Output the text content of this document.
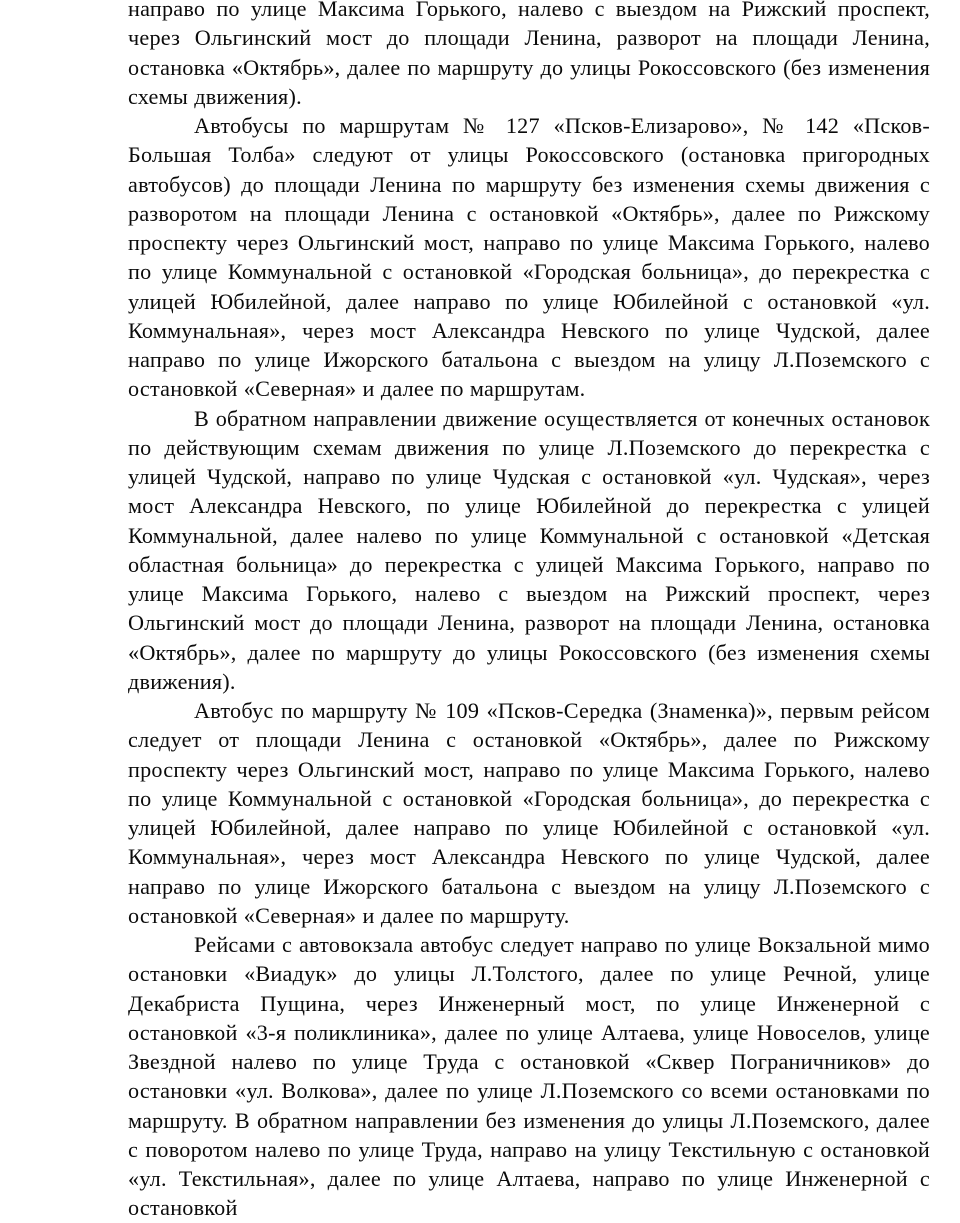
направо по улице Максима Горького, налево с выездом на Рижский проспект, через Ольгинский мост до площади Ленина, разворот на площади Ленина, остановка «Октябрь», далее по маршруту до улицы Рокоссовского (без изменения схемы движения).

Автобусы по маршрутам № 127 «Псков-Елизарово», № 142 «Псков-Большая Толба» следуют от улицы Рокоссовского (остановка пригородных автобусов) до площади Ленина по маршруту без изменения схемы движения с разворотом на площади Ленина с остановкой «Октябрь», далее по Рижскому проспекту через Ольгинский мост, направо по улице Максима Горького, налево по улице Коммунальной с остановкой «Городская больница», до перекрестка с улицей Юбилейной, далее направо по улице Юбилейной с остановкой «ул. Коммунальная», через мост Александра Невского по улице Чудской, далее направо по улице Ижорского батальона с выездом на улицу Л.Поземского с остановкой «Северная» и далее по маршрутам.

В обратном направлении движение осуществляется от конечных остановок по действующим схемам движения по улице Л.Поземского до перекрестка с улицей Чудской, направо по улице Чудская с остановкой «ул. Чудская», через мост Александра Невского, по улице Юбилейной до перекрестка с улицей Коммунальной, далее налево по улице Коммунальной с остановкой «Детская областная больница» до перекрестка с улицей Максима Горького, направо по улице Максима Горького, налево с выездом на Рижский проспект, через Ольгинский мост до площади Ленина, разворот на площади Ленина, остановка «Октябрь», далее по маршруту до улицы Рокоссовского (без изменения схемы движения).

Автобус по маршруту № 109 «Псков-Середка (Знаменка)», первым рейсом следует от площади Ленина с остановкой «Октябрь», далее по Рижскому проспекту через Ольгинский мост, направо по улице Максима Горького, налево по улице Коммунальной с остановкой «Городская больница», до перекрестка с улицей Юбилейной, далее направо по улице Юбилейной с остановкой «ул. Коммунальная», через мост Александра Невского по улице Чудской, далее направо по улице Ижорского батальона с выездом на улицу Л.Поземского с остановкой «Северная» и далее по маршруту.

Рейсами с автовокзала автобус следует направо по улице Вокзальной мимо остановки «Виадук» до улицы Л.Толстого, далее по улице Речной, улице Декабриста Пущина, через Инженерный мост, по улице Инженерной с остановкой «3-я поликлиника», далее по улице Алтаева, улице Новоселов, улице Звездной налево по улице Труда с остановкой «Сквер Пограничников» до остановки «ул. Волкова», далее по улице Л.Поземского со всеми остановками по маршруту. В обратном направлении без изменения до улицы Л.Поземского, далее с поворотом налево по улице Труда, направо на улицу Текстильную с остановкой «ул. Текстильная», далее по улице Алтаева, направо по улице Инженерной с остановкой
